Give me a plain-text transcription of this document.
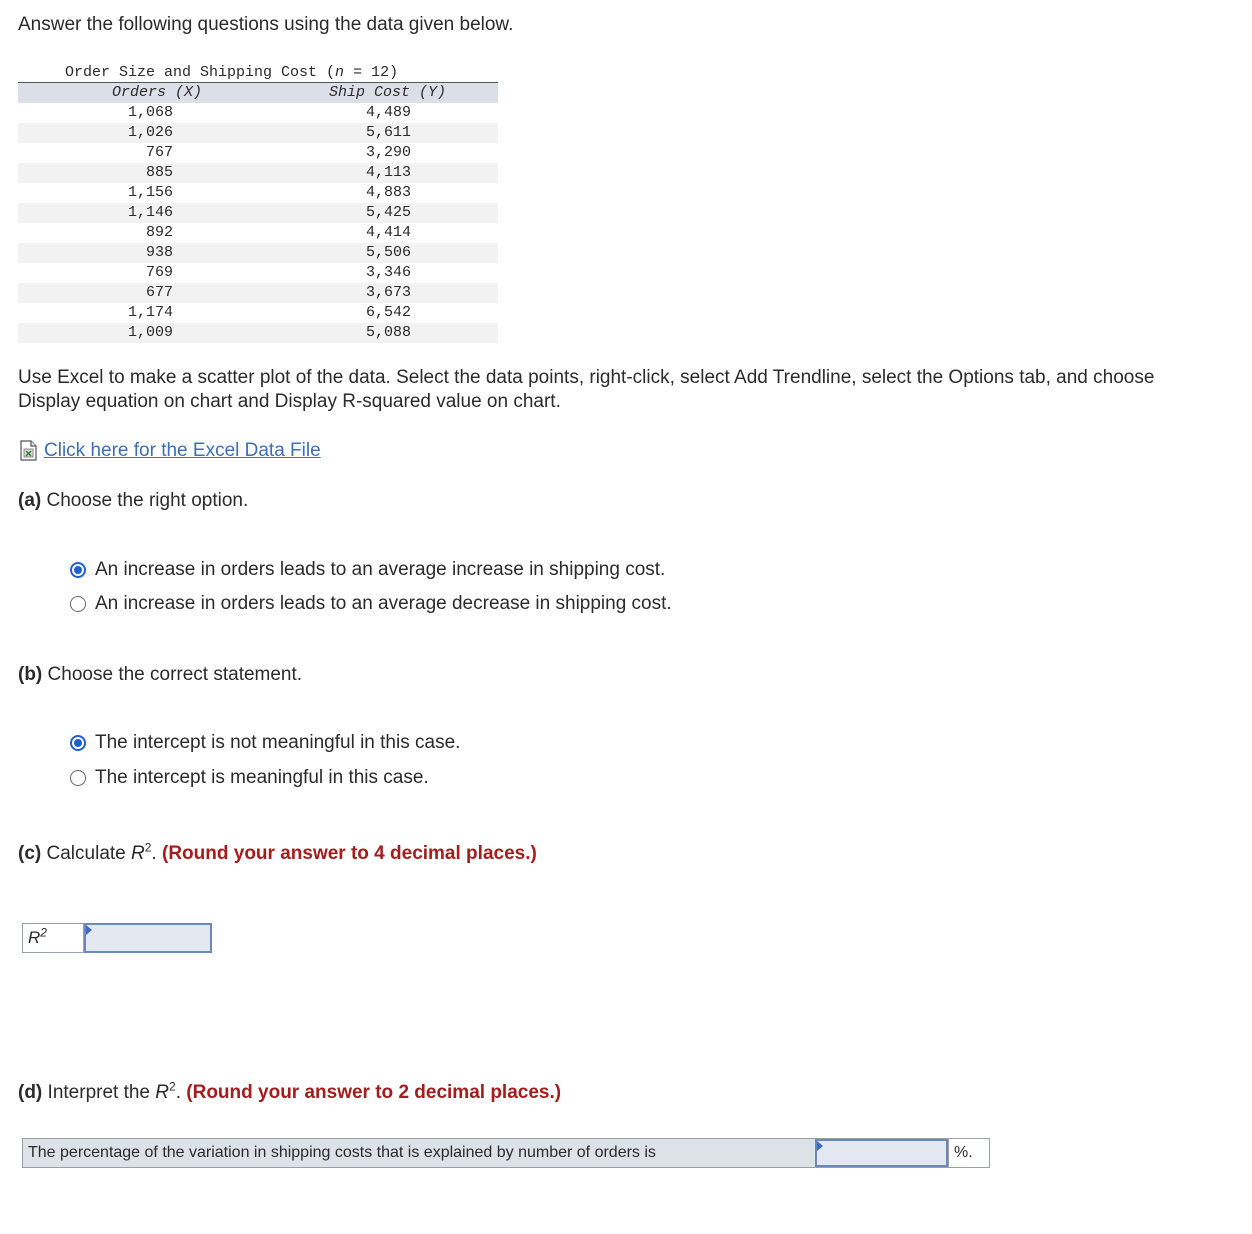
Answer the following questions using the data given below.

Order Size and Shipping Cost (n = 12)
Orders (X)	Ship Cost (Y)
1,068	4,489
1,026	5,611
767	3,290
885	4,113
1,156	4,883
1,146	5,425
892	4,414
938	5,506
769	3,346
677	3,673
1,174	6,542
1,009	5,088

Use Excel to make a scatter plot of the data. Select the data points, right-click, select Add Trendline, select the Options tab, and choose Display equation on chart and Display R-squared value on chart.

Click here for the Excel Data File

(a) Choose the right option.

An increase in orders leads to an average increase in shipping cost.
An increase in orders leads to an average decrease in shipping cost.

(b) Choose the correct statement.

The intercept is not meaningful in this case.
The intercept is meaningful in this case.

(c) Calculate $R^2$. (Round your answer to 4 decimal places.)

$R^2$

(d) Interpret the $R^2$. (Round your answer to 2 decimal places.)

The percentage of the variation in shipping costs that is explained by number of orders is	%.
